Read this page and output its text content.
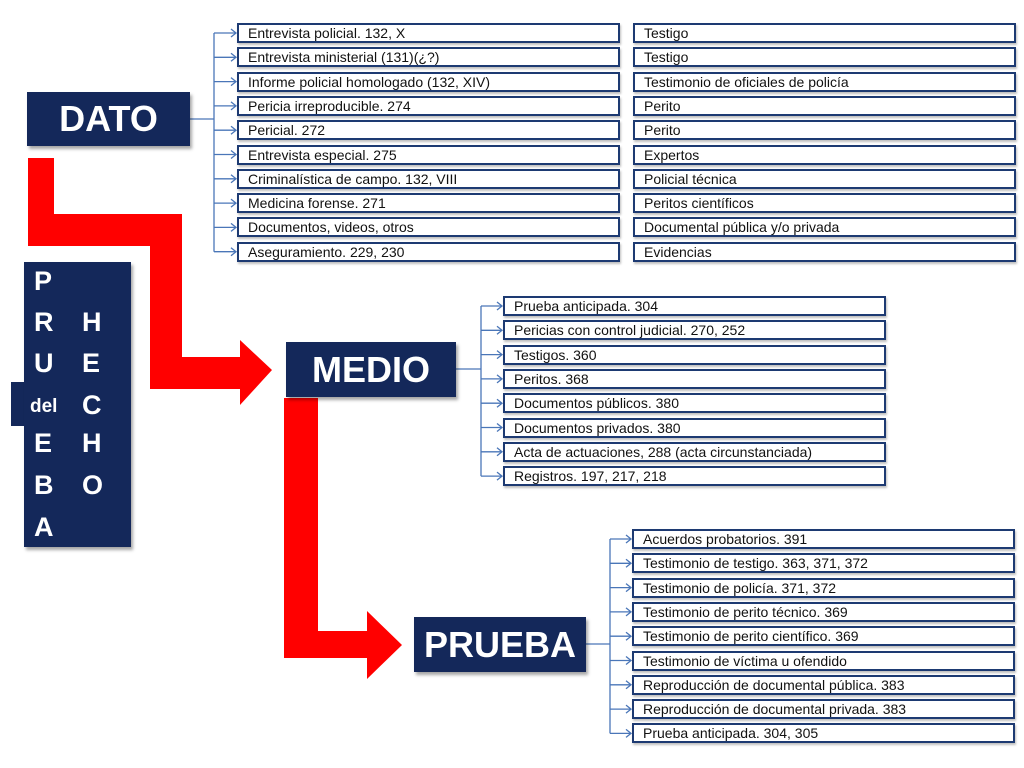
P
R
U
E
B
A
H
E
C
H
O
del
DATO
MEDIO
PRUEBA
Entrevista policial. 132, X
Entrevista ministerial (131)(¿?)
Informe policial homologado (132, XIV)
Pericia irreproducible. 274
Pericial. 272
Entrevista especial. 275
Criminalística de campo. 132, VIII
Medicina forense. 271
Documentos, videos, otros
Aseguramiento. 229, 230
Testigo
Testigo
Testimonio de oficiales de policía
Perito
Perito
Expertos
Policial técnica
Peritos científicos
Documental pública y/o privada
Evidencias
Prueba anticipada. 304
Pericias con control judicial. 270, 252
Testigos. 360
Peritos. 368
Documentos públicos. 380
Documentos privados. 380
Acta de actuaciones, 288 (acta circunstanciada)
Registros. 197, 217, 218
Acuerdos probatorios. 391
Testimonio de testigo. 363, 371, 372
Testimonio de policía. 371, 372
Testimonio de perito técnico. 369
Testimonio de perito científico. 369
Testimonio de víctima u ofendido
Reproducción de documental pública. 383
Reproducción de documental privada. 383
Prueba anticipada. 304, 305
